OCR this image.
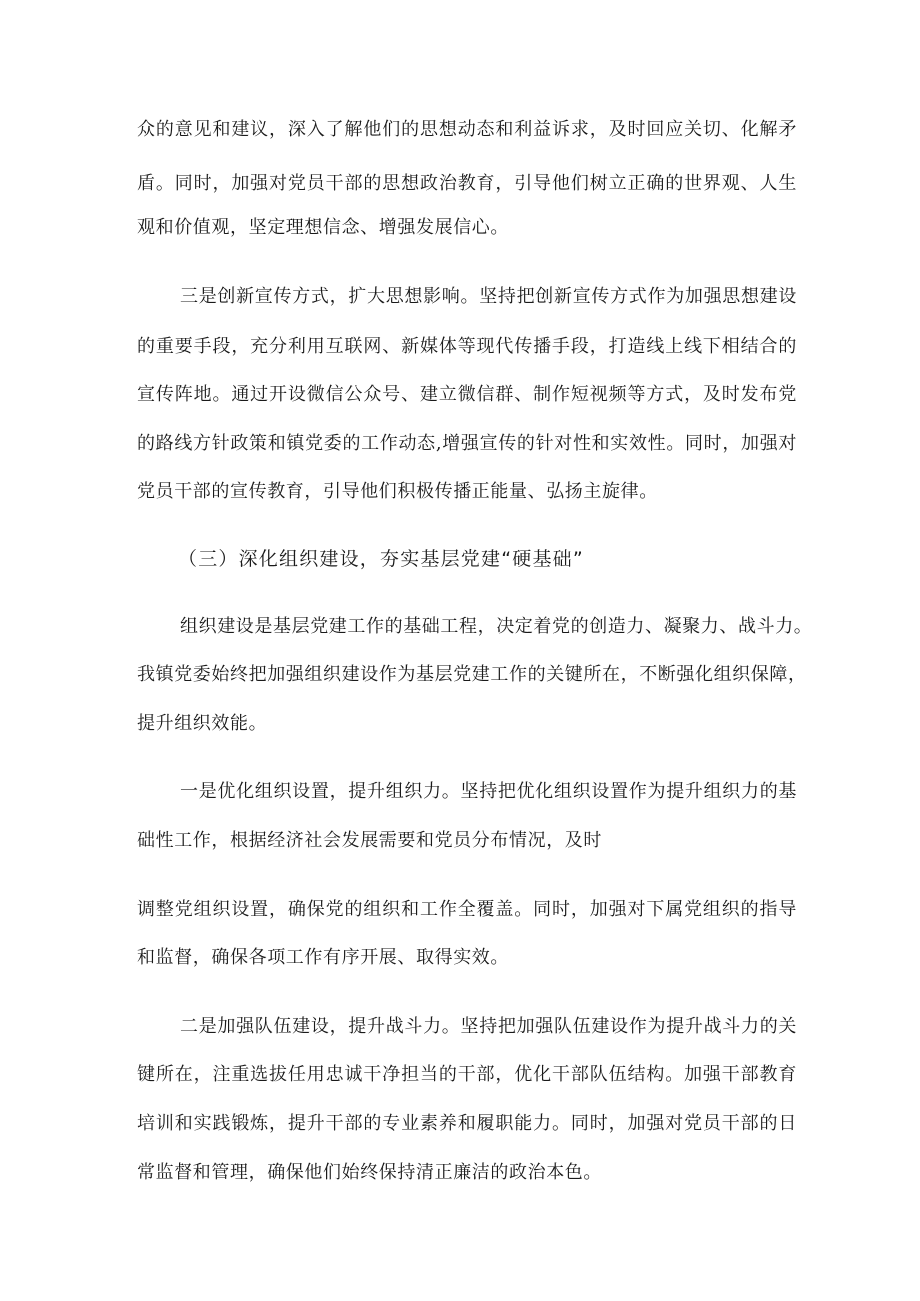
众的意见和建议，深入了解他们的思想动态和利益诉求，及时回应关切、化解矛
盾。同时，加强对党员干部的思想政治教育，引导他们树立正确的世界观、人生
观和价值观，坚定理想信念、增强发展信心。
三是创新宣传方式，扩大思想影响。坚持把创新宣传方式作为加强思想建设
的重要手段，充分利用互联网、新媒体等现代传播手段，打造线上线下相结合的
宣传阵地。通过开设微信公众号、建立微信群、制作短视频等方式，及时发布党
的路线方针政策和镇党委的工作动态,增强宣传的针对性和实效性。同时，加强对
党员干部的宣传教育，引导他们积极传播正能量、弘扬主旋律。
（三）深化组织建设，夯实基层党建“硬基础”
组织建设是基层党建工作的基础工程，决定着党的创造力、凝聚力、战斗力。
我镇党委始终把加强组织建设作为基层党建工作的关键所在，不断强化组织保障，
提升组织效能。
一是优化组织设置，提升组织力。坚持把优化组织设置作为提升组织力的基
础性工作，根据经济社会发展需要和党员分布情况，及时
调整党组织设置，确保党的组织和工作全覆盖。同时，加强对下属党组织的指导
和监督，确保各项工作有序开展、取得实效。
二是加强队伍建设，提升战斗力。坚持把加强队伍建设作为提升战斗力的关
键所在，注重选拔任用忠诚干净担当的干部，优化干部队伍结构。加强干部教育
培训和实践锻炼，提升干部的专业素养和履职能力。同时，加强对党员干部的日
常监督和管理，确保他们始终保持清正廉洁的政治本色。
